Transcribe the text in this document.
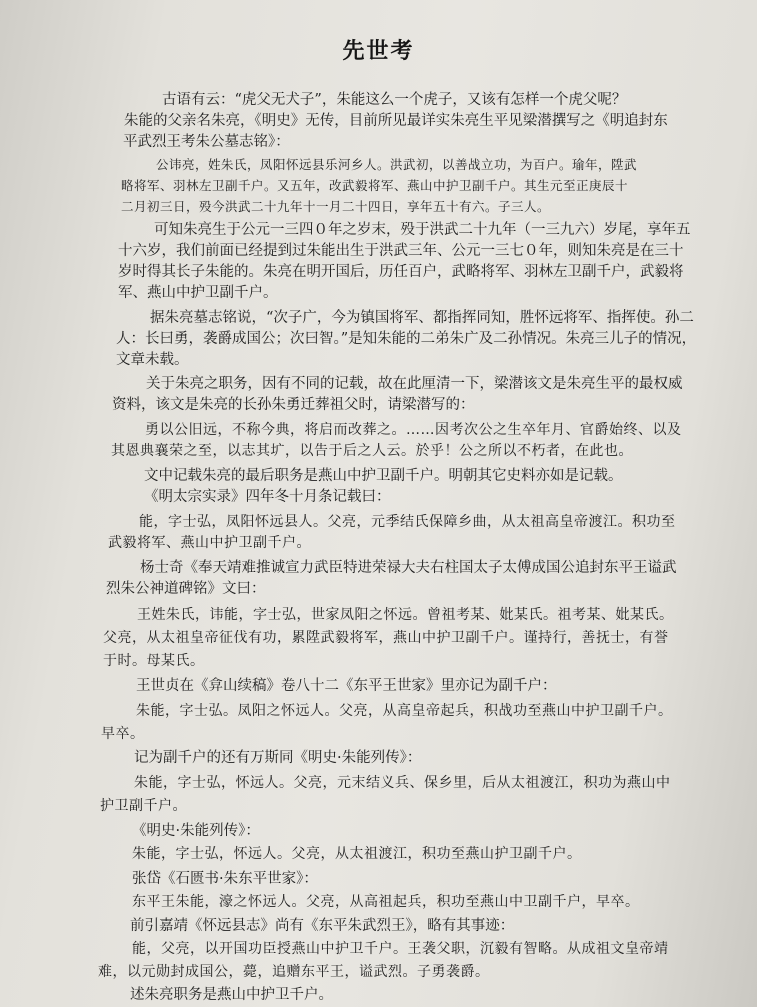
先世考
古语有云：“虎父无犬子”，朱能这么一个虎子，又该有怎样一个虎父呢？
朱能的父亲名朱亮，《明史》无传，目前所见最详实朱亮生平见梁潜撰写之《明追封东
平武烈王考朱公墓志铭》：
公讳亮，姓朱氏，凤阳怀远县乐河乡人。洪武初，以善战立功，为百户。瑜年，陞武
略将军、羽林左卫副千户。又五年，改武毅将军、燕山中护卫副千户。其生元至正庚辰十
二月初三日，殁今洪武二十九年十一月二十四日，享年五十有六。子三人。
可知朱亮生于公元一三四０年之岁末，殁于洪武二十九年（一三九六）岁尾，享年五
十六岁，我们前面已经提到过朱能出生于洪武三年、公元一三七０年，则知朱亮是在三十
岁时得其长子朱能的。朱亮在明开国后，历任百户，武略将军、羽林左卫副千户，武毅将
军、燕山中护卫副千户。
据朱亮墓志铭说，“次子广，今为镇国将军、都指挥同知，胜怀远将军、指挥使。孙二
人：长曰勇，袭爵成国公；次曰智。”是知朱能的二弟朱广及二孙情况。朱亮三儿子的情况，
文章未载。
关于朱亮之职务，因有不同的记载，故在此厘清一下，梁潜该文是朱亮生平的最权威
资料，该文是朱亮的长孙朱勇迁葬祖父时，请梁潜写的：
勇以公旧远，不称今典，将启而改葬之。……因考次公之生卒年月、官爵始终、以及
其恩典襄荣之至，以志其圹，以告于后之人云。於乎！公之所以不朽者，在此也。
文中记载朱亮的最后职务是燕山中护卫副千户。明朝其它史料亦如是记载。
《明太宗实录》四年冬十月条记载曰：
能，字士弘，凤阳怀远县人。父亮，元季结氏保障乡曲，从太祖高皇帝渡江。积功至
武毅将军、燕山中护卫副千户。
杨士奇《奉天靖难推诚宣力武臣特进荣禄大夫右柱国太子太傅成国公追封东平王谥武
烈朱公神道碑铭》文曰：
王姓朱氏，讳能，字士弘，世家凤阳之怀远。曾祖考某、妣某氏。祖考某、妣某氏。
父亮，从太祖皇帝征伐有功，累陞武毅将军，燕山中护卫副千户。谨持行，善抚士，有誉
于时。母某氏。
王世贞在《弇山续稿》卷八十二《东平王世家》里亦记为副千户：
朱能，字士弘。凤阳之怀远人。父亮，从高皇帝起兵，积战功至燕山中护卫副千户。
早卒。
记为副千户的还有万斯同《明史·朱能列传》：
朱能，字士弘，怀远人。父亮，元末结义兵、保乡里，后从太祖渡江，积功为燕山中
护卫副千户。
《明史·朱能列传》：
朱能，字士弘，怀远人。父亮，从太祖渡江，积功至燕山护卫副千户。
张岱《石匮书·朱东平世家》：
东平王朱能，濠之怀远人。父亮，从高祖起兵，积功至燕山中卫副千户，早卒。
前引嘉靖《怀远县志》尚有《东平朱武烈王》，略有其事迹：
能，父亮，以开国功臣授燕山中护卫千户。王袭父职，沉毅有智略。从成祖文皇帝靖
难，以元勋封成国公，薨，追赠东平王，谥武烈。子勇袭爵。
述朱亮职务是燕山中护卫千户。
